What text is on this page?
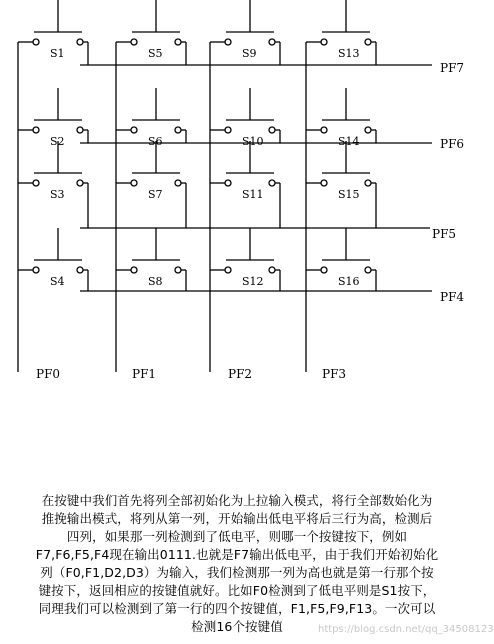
S1	S5	S9	S13
S2	S6	S10	S14
S3	S7	S11	S15
S4	S8	S12	S16
PF7
PF6
PF5
PF4
PF0	PF1	PF2	PF3

在按键中我们首先将列全部初始化为上拉输入模式，将行全部数始化为

推挽输出模式，将列从第一列，开始输出低电平将后三行为高，检测后

四列，如果那一列检测到了低电平，则哪一个按键按下，例如

F7,F6,F5,F4现在输出0111.也就是F7输出低电平，由于我们开始初始化

列（F0,F1,D2,D3）为输入，我们检测那一列为高也就是第一行那个按

键按下，返回相应的按键值就好。比如F0检测到了低电平则是S1按下，

同理我们可以检测到了第一行的四个按键值，F1,F5,F9,F13。一次可以

检测16个按键值	https://blog.csdn.net/qq_34508123
